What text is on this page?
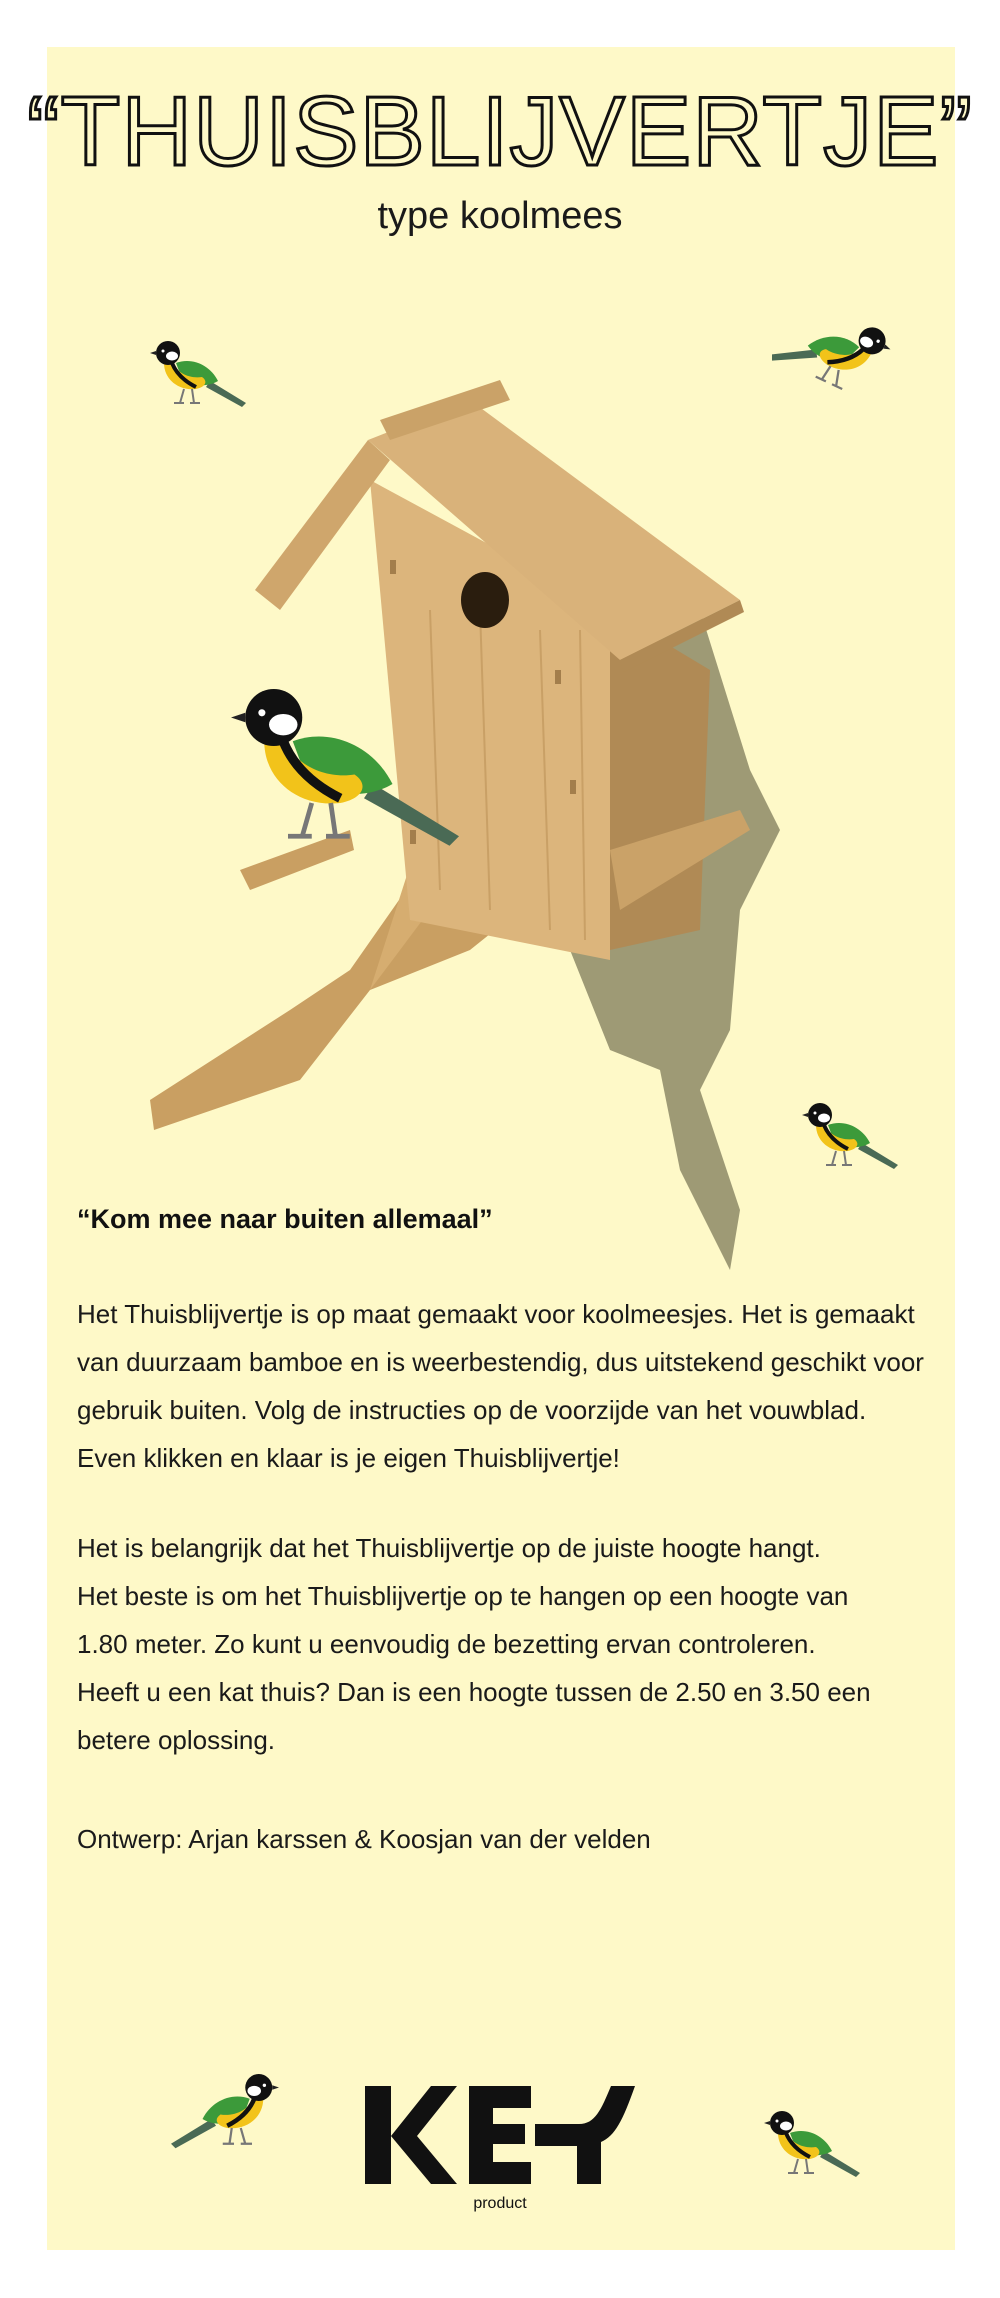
“THUISBLIJVERTJE”
type koolmees

“Kom mee naar buiten allemaal”

Het Thuisblijvertje is op maat gemaakt voor koolmeesjes. Het is gemaakt
van duurzaam bamboe en is weerbestendig, dus uitstekend geschikt voor
gebruik buiten. Volg de instructies op de voorzijde van het vouwblad.
Even klikken en klaar is je eigen Thuisblijvertje!
Het is belangrijk dat het Thuisblijvertje op de juiste hoogte hangt.
Het beste is om het Thuisblijvertje op te hangen op een hoogte van
1.80 meter. Zo kunt u eenvoudig de bezetting ervan controleren.
Heeft u een kat thuis? Dan is een hoogte tussen de 2.50 en 3.50 een
betere oplossing.
Ontwerp: Arjan karssen & Koosjan van der velden
product
